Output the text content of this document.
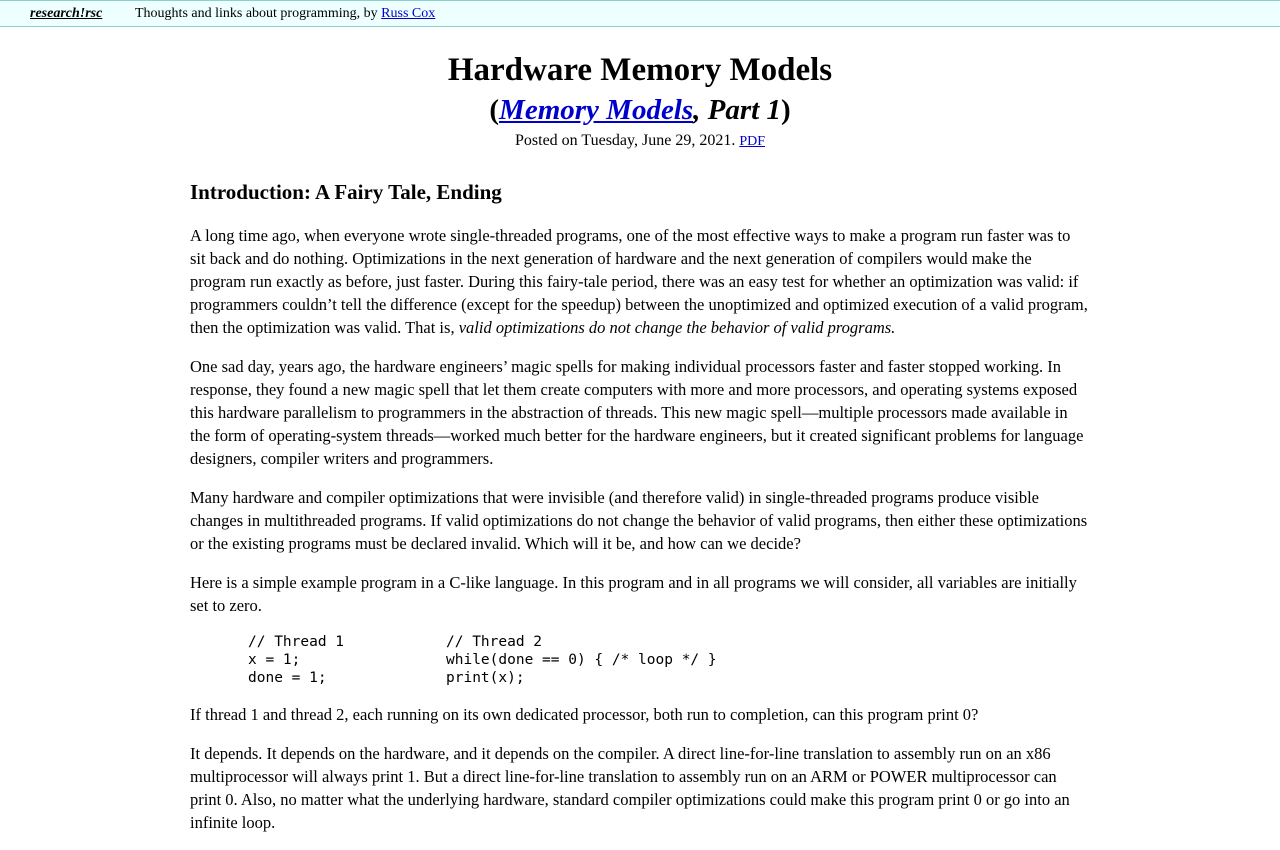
research!rsc Thoughts and links about programming, by Russ Cox
Hardware Memory Models
(Memory Models, Part 1)
Posted on Tuesday, June 29, 2021. PDF
Introduction: A Fairy Tale, Ending

A long time ago, when everyone wrote single-threaded programs, one of the most effective ways to make a program run faster was to sit back and do nothing. Optimizations in the next generation of hardware and the next generation of compilers would make the program run exactly as before, just faster. During this fairy-tale period, there was an easy test for whether an optimization was valid: if programmers couldn’t tell the difference (except for the speedup) between the unoptimized and optimized execution of a valid program, then the optimization was valid. That is, valid optimizations do not change the behavior of valid programs.

One sad day, years ago, the hardware engineers’ magic spells for making individual processors faster and faster stopped working. In response, they found a new magic spell that let them create computers with more and more processors, and operating systems exposed this hardware parallelism to programmers in the abstraction of threads. This new magic spell—multiple processors made available in the form of operating-system threads—worked much better for the hardware engineers, but it created significant problems for language designers, compiler writers and programmers.

Many hardware and compiler optimizations that were invisible (and therefore valid) in single-threaded programs produce visible changes in multithreaded programs. If valid optimizations do not change the behavior of valid programs, then either these optimizations or the existing programs must be declared invalid. Which will it be, and how can we decide?

Here is a simple example program in a C-like language. In this program and in all programs we will consider, all variables are initially set to zero.

// Thread 1	// Thread 2
x = 1;	while(done == 0) { /* loop */ }
done = 1;	print(x);

If thread 1 and thread 2, each running on its own dedicated processor, both run to completion, can this program print 0?

It depends. It depends on the hardware, and it depends on the compiler. A direct line-for-line translation to assembly run on an x86 multiprocessor will always print 1. But a direct line-for-line translation to assembly run on an ARM or POWER multiprocessor can print 0. Also, no matter what the underlying hardware, standard compiler optimizations could make this program print 0 or go into an infinite loop.
